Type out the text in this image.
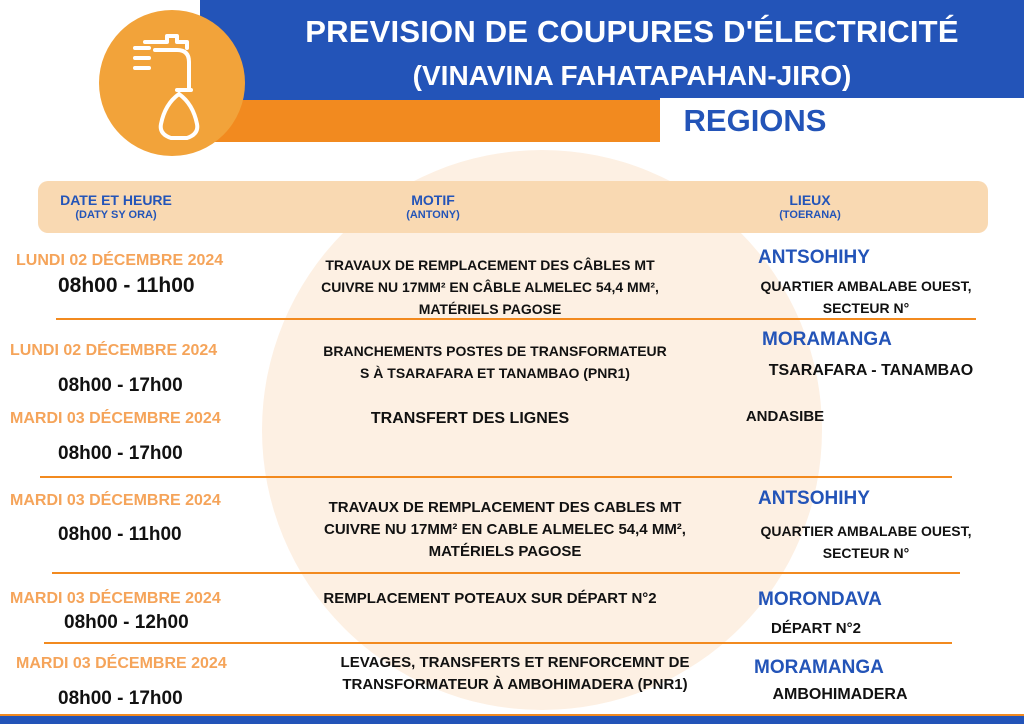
PREVISION DE COUPURES D'ÉLECTRICITÉ
(VINAVINA FAHATAPAHAN-JIRO)
REGIONS
DATE ET HEURE
(DATY SY ORA)
MOTIF
(ANTONY)
LIEUX
(TOERANA)
LUNDI 02 DÉCEMBRE 2024
08h00 - 11h00
TRAVAUX DE REMPLACEMENT DES CÂBLES MT
CUIVRE NU 17MM² EN CÂBLE ALMELEC 54,4 MM²,
MATÉRIELS PAGOSE
ANTSOHIHY
QUARTIER AMBALABE OUEST,
SECTEUR N°
LUNDI 02 DÉCEMBRE 2024
08h00 - 17h00
BRANCHEMENTS POSTES DE TRANSFORMATEUR
S À TSARAFARA ET TANAMBAO (PNR1)
MORAMANGA
TSARAFARA - TANAMBAO
MARDI 03 DÉCEMBRE 2024
08h00 - 17h00
TRANSFERT DES LIGNES	ANDASIBE
MARDI 03 DÉCEMBRE 2024
08h00 - 11h00
TRAVAUX DE REMPLACEMENT DES CABLES MT
CUIVRE NU 17MM² EN CABLE ALMELEC 54,4 MM²,
MATÉRIELS PAGOSE
ANTSOHIHY
QUARTIER AMBALABE OUEST,
SECTEUR N°
MARDI 03 DÉCEMBRE 2024
08h00 - 12h00
REMPLACEMENT POTEAUX SUR DÉPART N°2	MORONDAVA
DÉPART N°2
MARDI 03 DÉCEMBRE 2024
08h00 - 17h00
LEVAGES, TRANSFERTS ET RENFORCEMNT DE
TRANSFORMATEUR À AMBOHIMADERA (PNR1)
MORAMANGA
AMBOHIMADERA
